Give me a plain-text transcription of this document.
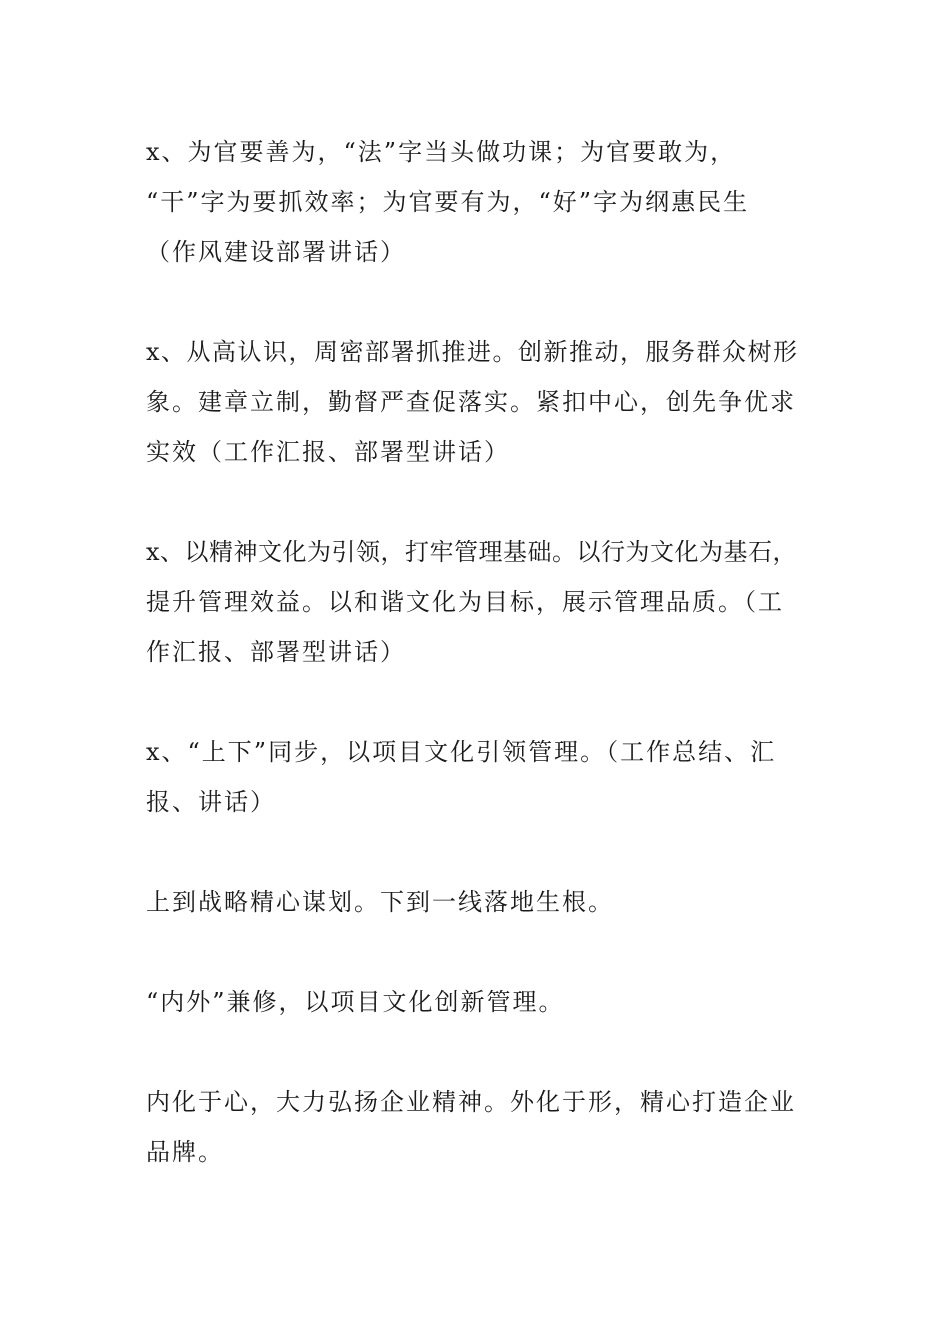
x、为官要善为，“法”字当头做功课；为官要敢为，
“干”字为要抓效率；为官要有为，“好”字为纲惠民生
（作风建设部署讲话）
x、从高认识，周密部署抓推进。创新推动，服务群众树形
象。建章立制，勤督严查促落实。紧扣中心，创先争优求
实效（工作汇报、部署型讲话）
x、以精神文化为引领，打牢管理基础。以行为文化为基石，
提升管理效益。以和谐文化为目标，展示管理品质。（工
作汇报、部署型讲话）
x、“上下”同步，以项目文化引领管理。（工作总结、汇
报、讲话）
上到战略精心谋划。下到一线落地生根。
“内外”兼修，以项目文化创新管理。
内化于心，大力弘扬企业精神。外化于形，精心打造企业
品牌。
